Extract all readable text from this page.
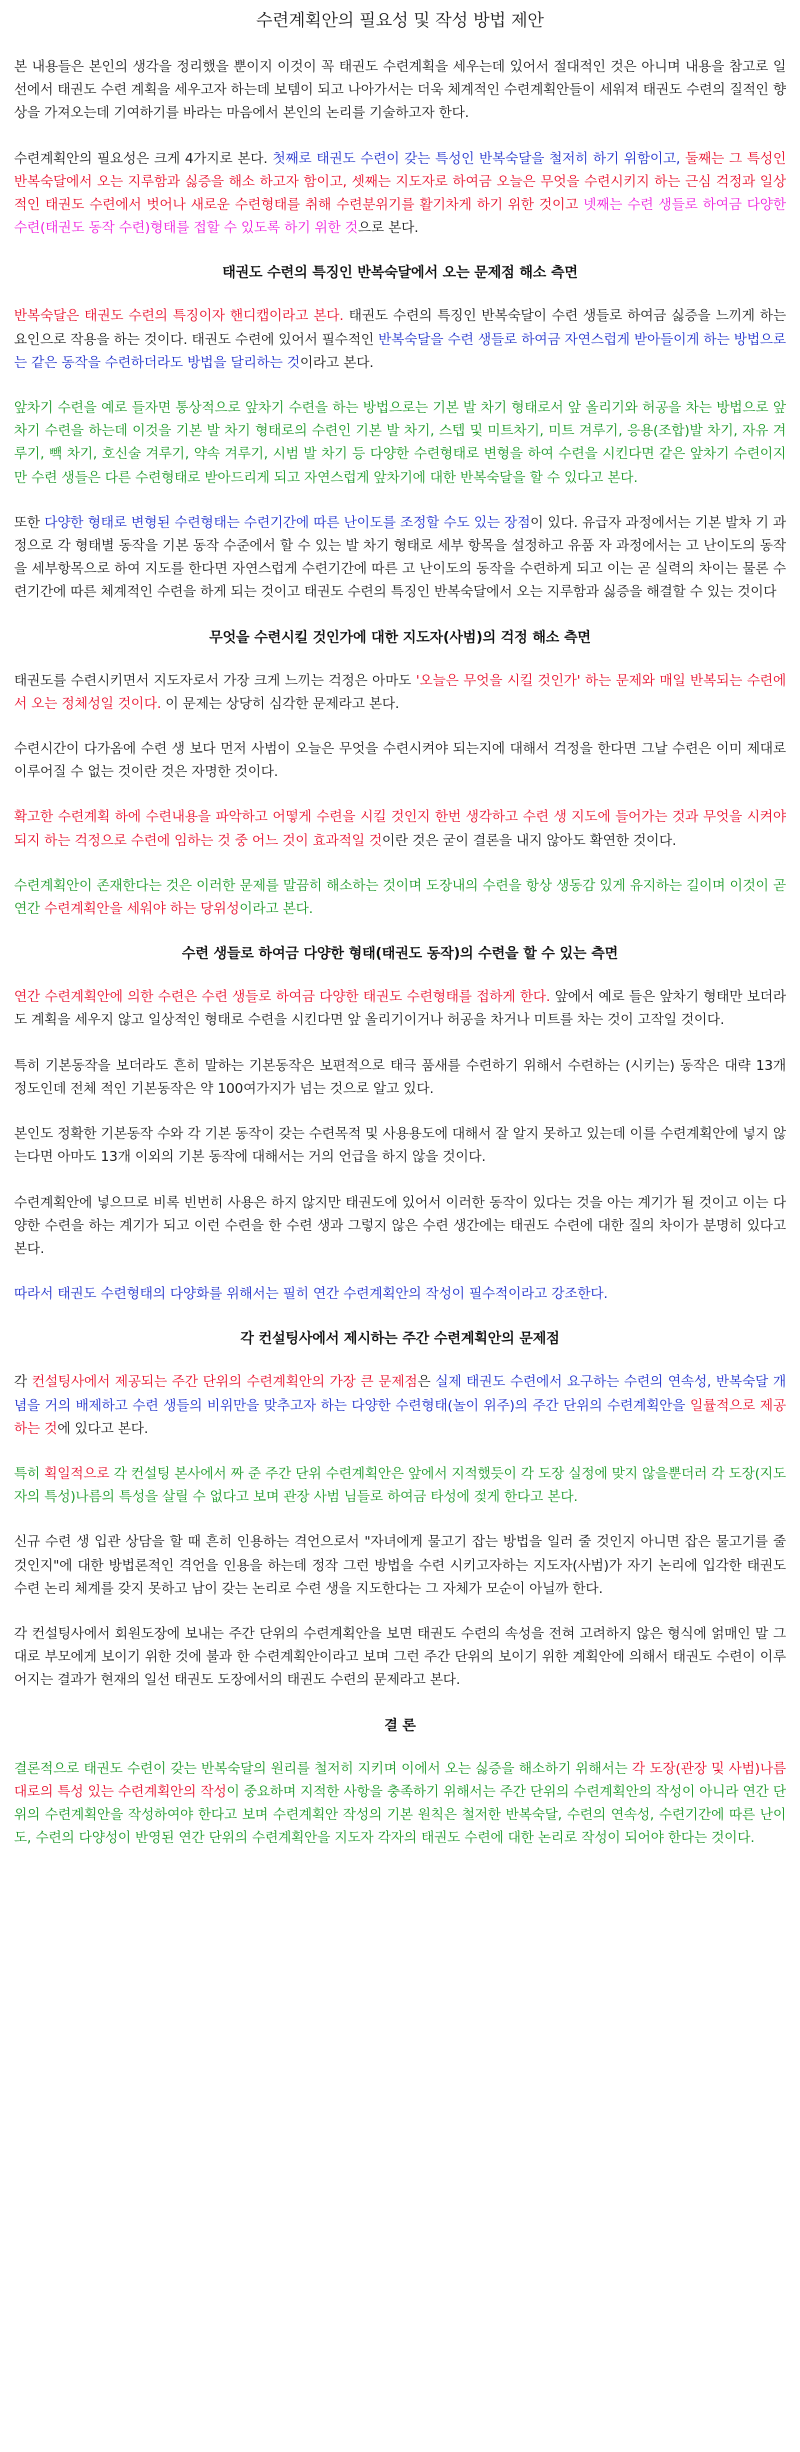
수련계획안의 필요성 및 작성 방법 제안

본 내용들은 본인의 생각을 정리했을 뿐이지 이것이 꼭 태권도 수련계획을 세우는데 있어서 절대적인 것은 아니며 내용을 참고로 일선에서 태권도 수련 계획을 세우고자 하는데 보템이 되고 나아가서는 더욱 체계적인 수련계획안들이 세워져 태권도 수련의 질적인 향상을 가져오는데 기여하기를 바라는 마음에서 본인의 논리를 기술하고자 한다.

수련계획안의 필요성은 크게 4가지로 본다. 첫째로 태권도 수련이 갖는 특성인 반복숙달을 철저히 하기 위함이고, 둘째는 그 특성인 반복숙달에서 오는 지루함과 싫증을 해소 하고자 함이고, 셋째는 지도자로 하여금 오늘은 무엇을 수련시키지 하는 근심 걱정과 일상적인 태권도 수련에서 벗어나 새로운 수련형태를 취해 수련분위기를 활기차게 하기 위한 것이고 넷째는 수련 생들로 하여금 다양한 수련(태권도 동작 수련)형태를 접할 수 있도록 하기 위한 것으로 본다.

태권도 수련의 특징인 반복숙달에서 오는 문제점 해소 측면

반복숙달은 태권도 수련의 특징이자 핸디캡이라고 본다. 태권도 수련의 특징인 반복숙달이 수련 생들로 하여금 싫증을 느끼게 하는 요인으로 작용을 하는 것이다. 태권도 수련에 있어서 필수적인 반복숙달을 수련 생들로 하여금 자연스럽게 받아들이게 하는 방법으로는 같은 동작을 수련하더라도 방법을 달리하는 것이라고 본다.

앞차기 수련을 예로 들자면 통상적으로 앞차기 수련을 하는 방법으로는 기본 발 차기 형태로서 앞 올리기와 허공을 차는 방법으로 앞차기 수련을 하는데 이것을 기본 발 차기 형태로의 수련인 기본 발 차기, 스텝 및 미트차기, 미트 겨루기, 응용(조합)발 차기, 자유 겨루기, 빽 차기, 호신술 겨루기, 약속 겨루기, 시범 발 차기 등 다양한 수련형태로 변형을 하여 수련을 시킨다면 같은 앞차기 수련이지만 수련 생들은 다른 수련형태로 받아드리게 되고 자연스럽게 앞차기에 대한 반복숙달을 할 수 있다고 본다.

또한 다양한 형태로 변형된 수련형태는 수련기간에 따른 난이도를 조정할 수도 있는 장점이 있다. 유급자 과정에서는 기본 발차 기 과정으로 각 형태별 동작을 기본 동작 수준에서 할 수 있는 발 차기 형태로 세부 항목을 설정하고 유품 자 과정에서는 고 난이도의 동작을 세부항목으로 하여 지도를 한다면 자연스럽게 수련기간에 따른 고 난이도의 동작을 수련하게 되고 이는 곧 실력의 차이는 물론 수련기간에 따른 체계적인 수련을 하게 되는 것이고 태권도 수련의 특징인 반복숙달에서 오는 지루함과 싫증을 해결할 수 있는 것이다

무엇을 수련시킬 것인가에 대한 지도자(사범)의 걱정 해소 측면

태권도를 수련시키면서 지도자로서 가장 크게 느끼는 걱정은 아마도 '오늘은 무엇을 시킬 것인가' 하는 문제와 매일 반복되는 수련에서 오는 정체성일 것이다. 이 문제는 상당히 심각한 문제라고 본다.

수련시간이 다가옴에 수련 생 보다 먼저 사범이 오늘은 무엇을 수련시켜야 되는지에 대해서 걱정을 한다면 그날 수련은 이미 제대로 이루어질 수 없는 것이란 것은 자명한 것이다.

확고한 수련계획 하에 수련내용을 파악하고 어떻게 수련을 시킬 것인지 한번 생각하고 수련 생 지도에 들어가는 것과 무엇을 시켜야 되지 하는 걱정으로 수련에 임하는 것 중 어느 것이 효과적일 것이란 것은 굳이 결론을 내지 않아도 확연한 것이다.

수련계획안이 존재한다는 것은 이러한 문제를 말끔히 해소하는 것이며 도장내의 수련을 항상 생동감 있게 유지하는 길이며 이것이 곧 연간 수련계획안을 세워야 하는 당위성이라고 본다.

수련 생들로 하여금 다양한 형태(태권도 동작)의 수련을 할 수 있는 측면

연간 수련계획안에 의한 수련은 수련 생들로 하여금 다양한 태권도 수련형태를 접하게 한다. 앞에서 예로 들은 앞차기 형태만 보더라도 계획을 세우지 않고 일상적인 형태로 수련을 시킨다면 앞 올리기이거나 허공을 차거나 미트를 차는 것이 고작일 것이다.

특히 기본동작을 보더라도 흔히 말하는 기본동작은 보편적으로 태극 품새를 수련하기 위해서 수련하는 (시키는) 동작은 대략 13개 정도인데 전체 적인 기본동작은 약 100여가지가 넘는 것으로 알고 있다.

본인도 정확한 기본동작 수와 각 기본 동작이 갖는 수련목적 및 사용용도에 대해서 잘 알지 못하고 있는데 이를 수련계획안에 넣지 않는다면 아마도 13개 이외의 기본 동작에 대해서는 거의 언급을 하지 않을 것이다.

수련계획안에 넣으므로 비록 빈번히 사용은 하지 않지만 태권도에 있어서 이러한 동작이 있다는 것을 아는 계기가 될 것이고 이는 다양한 수련을 하는 계기가 되고 이런 수련을 한 수련 생과 그렇지 않은 수련 생간에는 태권도 수련에 대한 질의 차이가 분명히 있다고 본다.

따라서 태권도 수련형태의 다양화를 위해서는 필히 연간 수련계획안의 작성이 필수적이라고 강조한다.

각 컨설팅사에서 제시하는 주간 수련계획안의 문제점

각 컨설팅사에서 제공되는 주간 단위의 수련계획안의 가장 큰 문제점은 실제 태권도 수련에서 요구하는 수련의 연속성, 반복숙달 개념을 거의 배제하고 수련 생들의 비위만을 맞추고자 하는 다양한 수련형태(놀이 위주)의 주간 단위의 수련계획안을 일률적으로 제공하는 것에 있다고 본다.

특히 획일적으로 각 컨설팅 본사에서 짜 준 주간 단위 수련계획안은 앞에서 지적했듯이 각 도장 실정에 맞지 않을뿐더러 각 도장(지도자의 특성)나름의 특성을 살릴 수 없다고 보며 관장 사범 님들로 하여금 타성에 젖게 한다고 본다.

신규 수련 생 입관 상담을 할 때 흔히 인용하는 격언으로서 "자녀에게 물고기 잡는 방법을 일러 줄 것인지 아니면 잡은 물고기를 줄 것인지"에 대한 방법론적인 격언을 인용을 하는데 정작 그런 방법을 수련 시키고자하는 지도자(사범)가 자기 논리에 입각한 태권도 수련 논리 체계를 갖지 못하고 남이 갖는 논리로 수련 생을 지도한다는 그 자체가 모순이 아닐까 한다.

각 컨설팅사에서 회원도장에 보내는 주간 단위의 수련계획안을 보면 태권도 수련의 속성을 전혀 고려하지 않은 형식에 얽매인 말 그대로 부모에게 보이기 위한 것에 불과 한 수련계획안이라고 보며 그런 주간 단위의 보이기 위한 계획안에 의해서 태권도 수련이 이루어지는 결과가 현재의 일선 태권도 도장에서의 태권도 수련의 문제라고 본다.

결 론

결론적으로 태권도 수련이 갖는 반복숙달의 원리를 철저히 지키며 이에서 오는 싫증을 해소하기 위해서는 각 도장(관장 및 사범)나름대로의 특성 있는 수련계획안의 작성이 중요하며 지적한 사항을 충족하기 위해서는 주간 단위의 수련계획안의 작성이 아니라 연간 단위의 수련계획안을 작성하여야 한다고 보며 수련계획안 작성의 기본 원칙은 철저한 반복숙달, 수련의 연속성, 수련기간에 따른 난이도, 수련의 다양성이 반영된 연간 단위의 수련계획안을 지도자 각자의 태권도 수련에 대한 논리로 작성이 되어야 한다는 것이다.
